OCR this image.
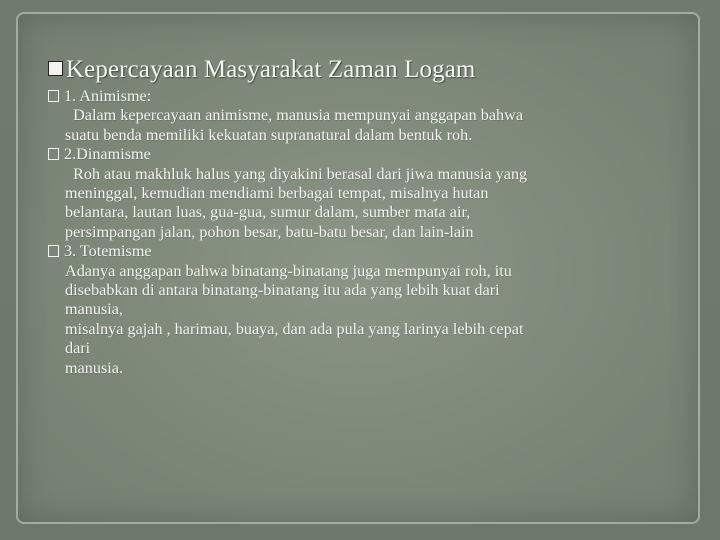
Kepercayaan Masyarakat Zaman Logam
1. Animisme:
Dalam kepercayaan animisme, manusia mempunyai anggapan bahwa
suatu benda memiliki kekuatan supranatural dalam bentuk roh.
2.Dinamisme
Roh atau makhluk halus yang diyakini berasal dari jiwa manusia yang
meninggal, kemudian mendiami berbagai tempat, misalnya hutan
belantara, lautan luas, gua-gua, sumur dalam, sumber mata air,
persimpangan jalan, pohon besar, batu-batu besar, dan lain-lain
3. Totemisme
Adanya anggapan bahwa binatang-binatang juga mempunyai roh, itu
disebabkan di antara binatang-binatang itu ada yang lebih kuat dari
manusia,
misalnya gajah , harimau, buaya, dan ada pula yang larinya lebih cepat
dari
manusia.
